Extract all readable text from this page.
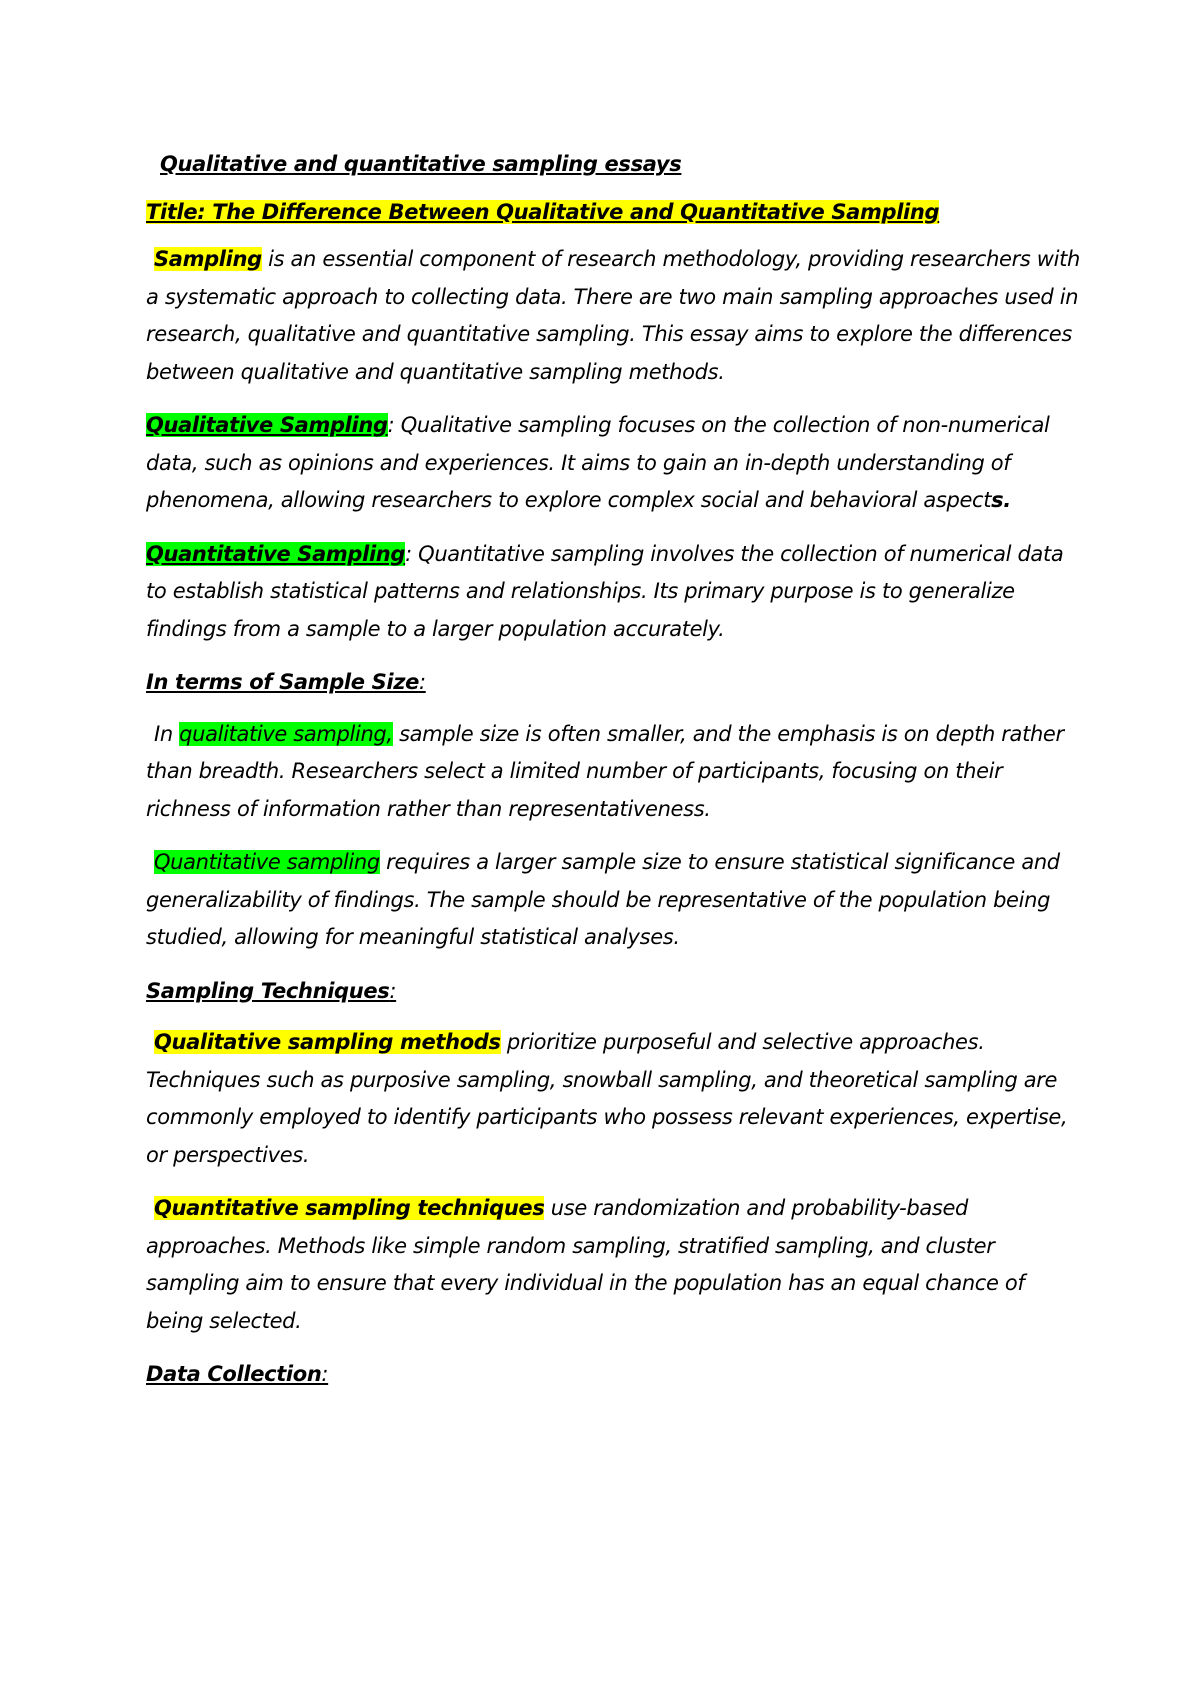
Qualitative and quantitative sampling essays

Title: The Difference Between Qualitative and Quantitative Sampling

Sampling is an essential component of research methodology, providing researchers with a systematic approach to collecting data. There are two main sampling approaches used in research, qualitative and quantitative sampling. This essay aims to explore the differences between qualitative and quantitative sampling methods.

Qualitative Sampling: Qualitative sampling focuses on the collection of non-numerical data, such as opinions and experiences. It aims to gain an in-depth understanding of phenomena, allowing researchers to explore complex social and behavioral aspects.

Quantitative Sampling: Quantitative sampling involves the collection of numerical data to establish statistical patterns and relationships. Its primary purpose is to generalize findings from a sample to a larger population accurately.

In terms of Sample Size:

In qualitative sampling, sample size is often smaller, and the emphasis is on depth rather than breadth. Researchers select a limited number of participants, focusing on their richness of information rather than representativeness.

Quantitative sampling requires a larger sample size to ensure statistical significance and generalizability of findings. The sample should be representative of the population being studied, allowing for meaningful statistical analyses.

Sampling Techniques:

Qualitative sampling methods prioritize purposeful and selective approaches. Techniques such as purposive sampling, snowball sampling, and theoretical sampling are commonly employed to identify participants who possess relevant experiences, expertise, or perspectives.

Quantitative sampling techniques use randomization and probability-based approaches. Methods like simple random sampling, stratified sampling, and cluster sampling aim to ensure that every individual in the population has an equal chance of being selected.

Data Collection:
